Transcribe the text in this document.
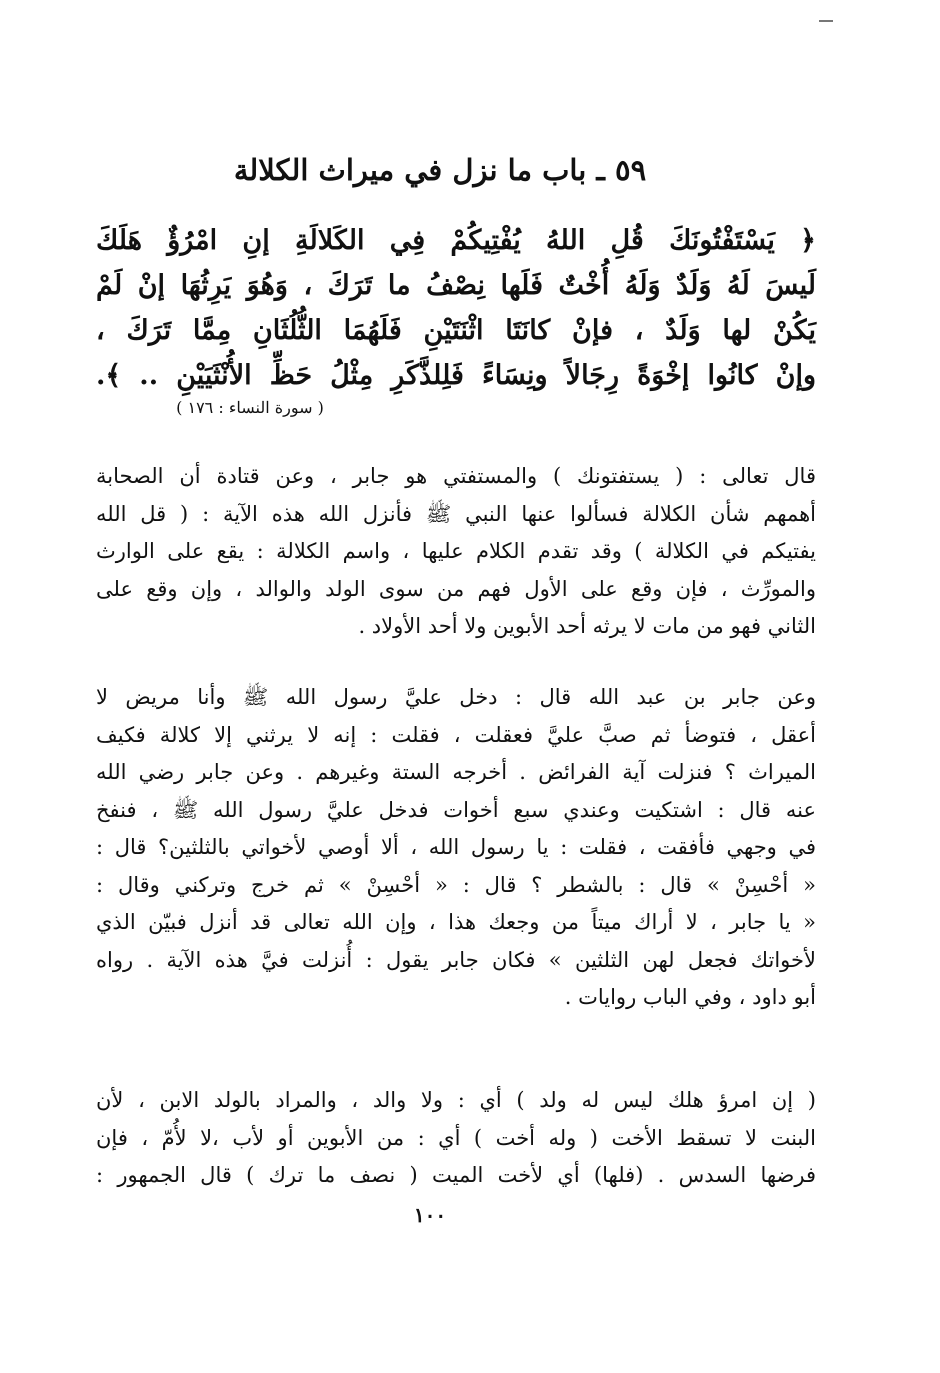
٥٩ ـ باب ما نزل في ميراث الكلالة
﴿ يَسْتَفْتُونَكَ قُلِ اللهُ يُفْتِيكُمْ فِي الكَلالَةِ إنِ امْرُؤٌ هَلَكَ
لَيسَ لَهُ وَلَدٌ وَلَهُ أُخْتٌ فَلَها نِصْفُ ما تَرَكَ ، وَهُوَ يَرِثُهَا إنْ لَمْ
يَكُنْ لها وَلَدٌ ، فإنْ كانَتَا اثْنَتَيْنِ فَلَهُمَا الثُّلُثَانِ مِمَّا تَرَكَ ،
وإنْ كانُوا إخْوَةً رِجَالاً ونِسَاءً فَلِلذَّكَرِ مِثْلُ حَظِّ الأُنْثَيَيْنِ .. ﴾.
( سورة النساء : ١٧٦ )
قال تعالى : ( يستفتونك ) والمستفتي هو جابر ، وعن قتادة أن الصحابة
أهمهم شأن الكلالة فسألوا عنها النبي ﷺ فأنزل الله هذه الآية : ( قل الله
يفتيكم في الكلالة ) وقد تقدم الكلام عليها ، واسم الكلالة : يقع على الوارث
والمورِّث ، فإن وقع على الأول فهم من سوى الولد والوالد ، وإن وقع على
الثاني فهو من مات لا يرثه أحد الأبوين ولا أحد الأولاد .
وعن جابر بن عبد الله قال : دخل عليَّ رسول الله ﷺ وأنا مريض لا
أعقل ، فتوضأ ثم صبَّ عليَّ فعقلت ، فقلت : إنه لا يرثني إلا كلالة فكيف
الميراث ؟ فنزلت آية الفرائض . أخرجه الستة وغيرهم . وعن جابر رضي الله
عنه قال : اشتكيت وعندي سبع أخوات فدخل عليَّ رسول الله ﷺ ، فنفخ
في وجهي فأفقت ، فقلت : يا رسول الله ، ألا أوصي لأخواتي بالثلثين؟ قال :
« أحْسِنْ » قال : بالشطر ؟ قال : « أحْسِنْ » ثم خرج وتركني وقال :
« يا جابر ، لا أراك ميتاً من وجعك هذا ، وإن الله تعالى قد أنزل فبيّن الذي
لأخواتك فجعل لهن الثلثين » فكان جابر يقول : أُنزلت فيَّ هذه الآية . رواه
أبو داود ، وفي الباب روايات .
( إن امرؤ هلك ليس له ولد ) أي : ولا والد ، والمراد بالولد الابن ، لأن
البنت لا تسقط الأخت ( وله أخت ) أي : من الأبوين أو لأب ،لا لأُمّ ، فإن
فرضها السدس . (فلها) أي لأخت الميت ( نصف ما ترك ) قال الجمهور :
١٠٠
